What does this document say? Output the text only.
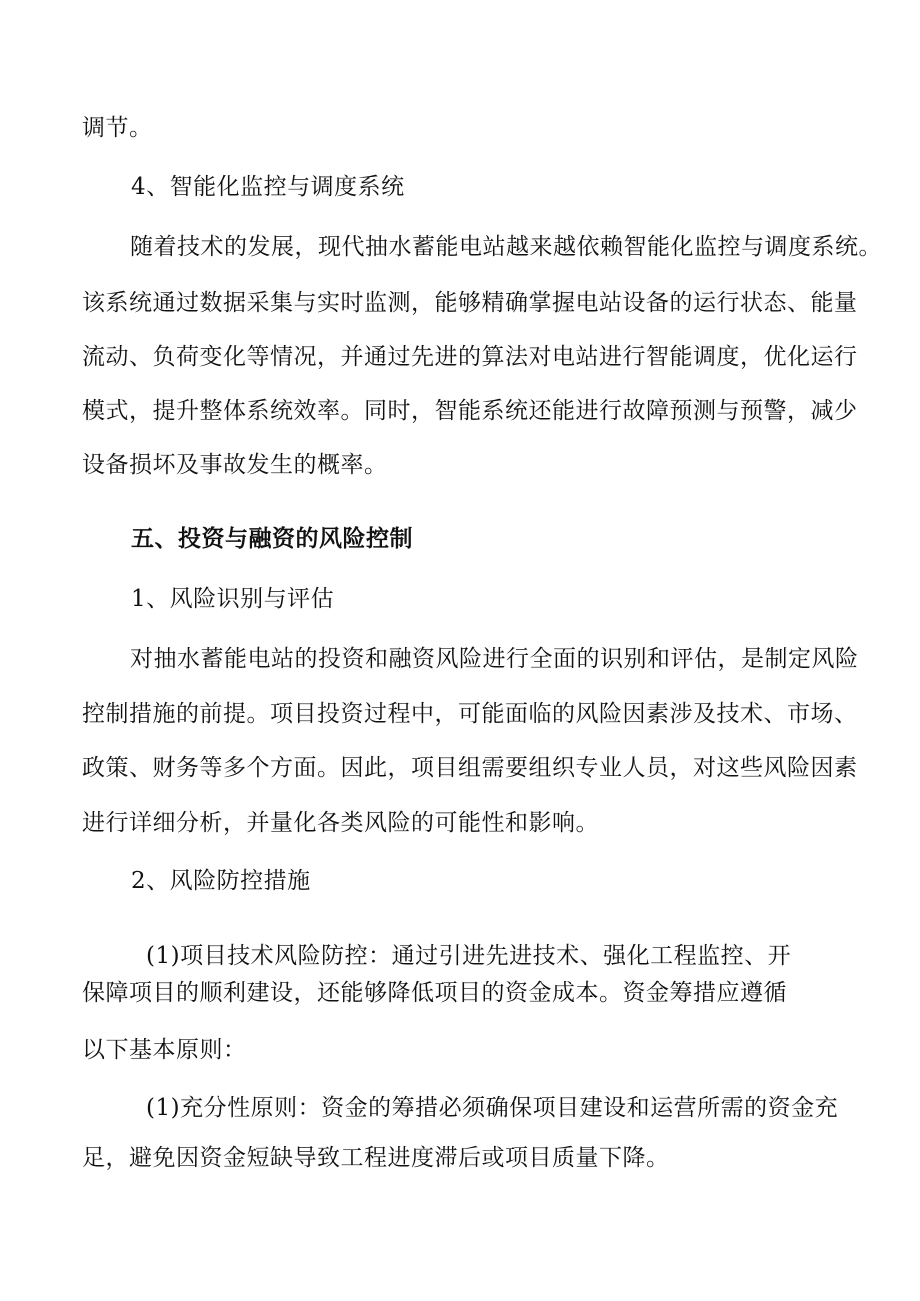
调节。
4、智能化监控与调度系统
随着技术的发展，现代抽水蓄能电站越来越依赖智能化监控与调度系统。
该系统通过数据采集与实时监测，能够精确掌握电站设备的运行状态、能量
流动、负荷变化等情况，并通过先进的算法对电站进行智能调度，优化运行
模式，提升整体系统效率。同时，智能系统还能进行故障预测与预警，减少
设备损坏及事故发生的概率。
五、投资与融资的风险控制
1、风险识别与评估
对抽水蓄能电站的投资和融资风险进行全面的识别和评估，是制定风险
控制措施的前提。项目投资过程中，可能面临的风险因素涉及技术、市场、
政策、财务等多个方面。因此，项目组需要组织专业人员，对这些风险因素
进行详细分析，并量化各类风险的可能性和影响。
2、风险防控措施
(1)项目技术风险防控：通过引进先进技术、强化工程监控、开
保障项目的顺利建设，还能够降低项目的资金成本。资金筹措应遵循
以下基本原则：
(1)充分性原则：资金的筹措必须确保项目建设和运营所需的资金充
足，避免因资金短缺导致工程进度滞后或项目质量下降。
